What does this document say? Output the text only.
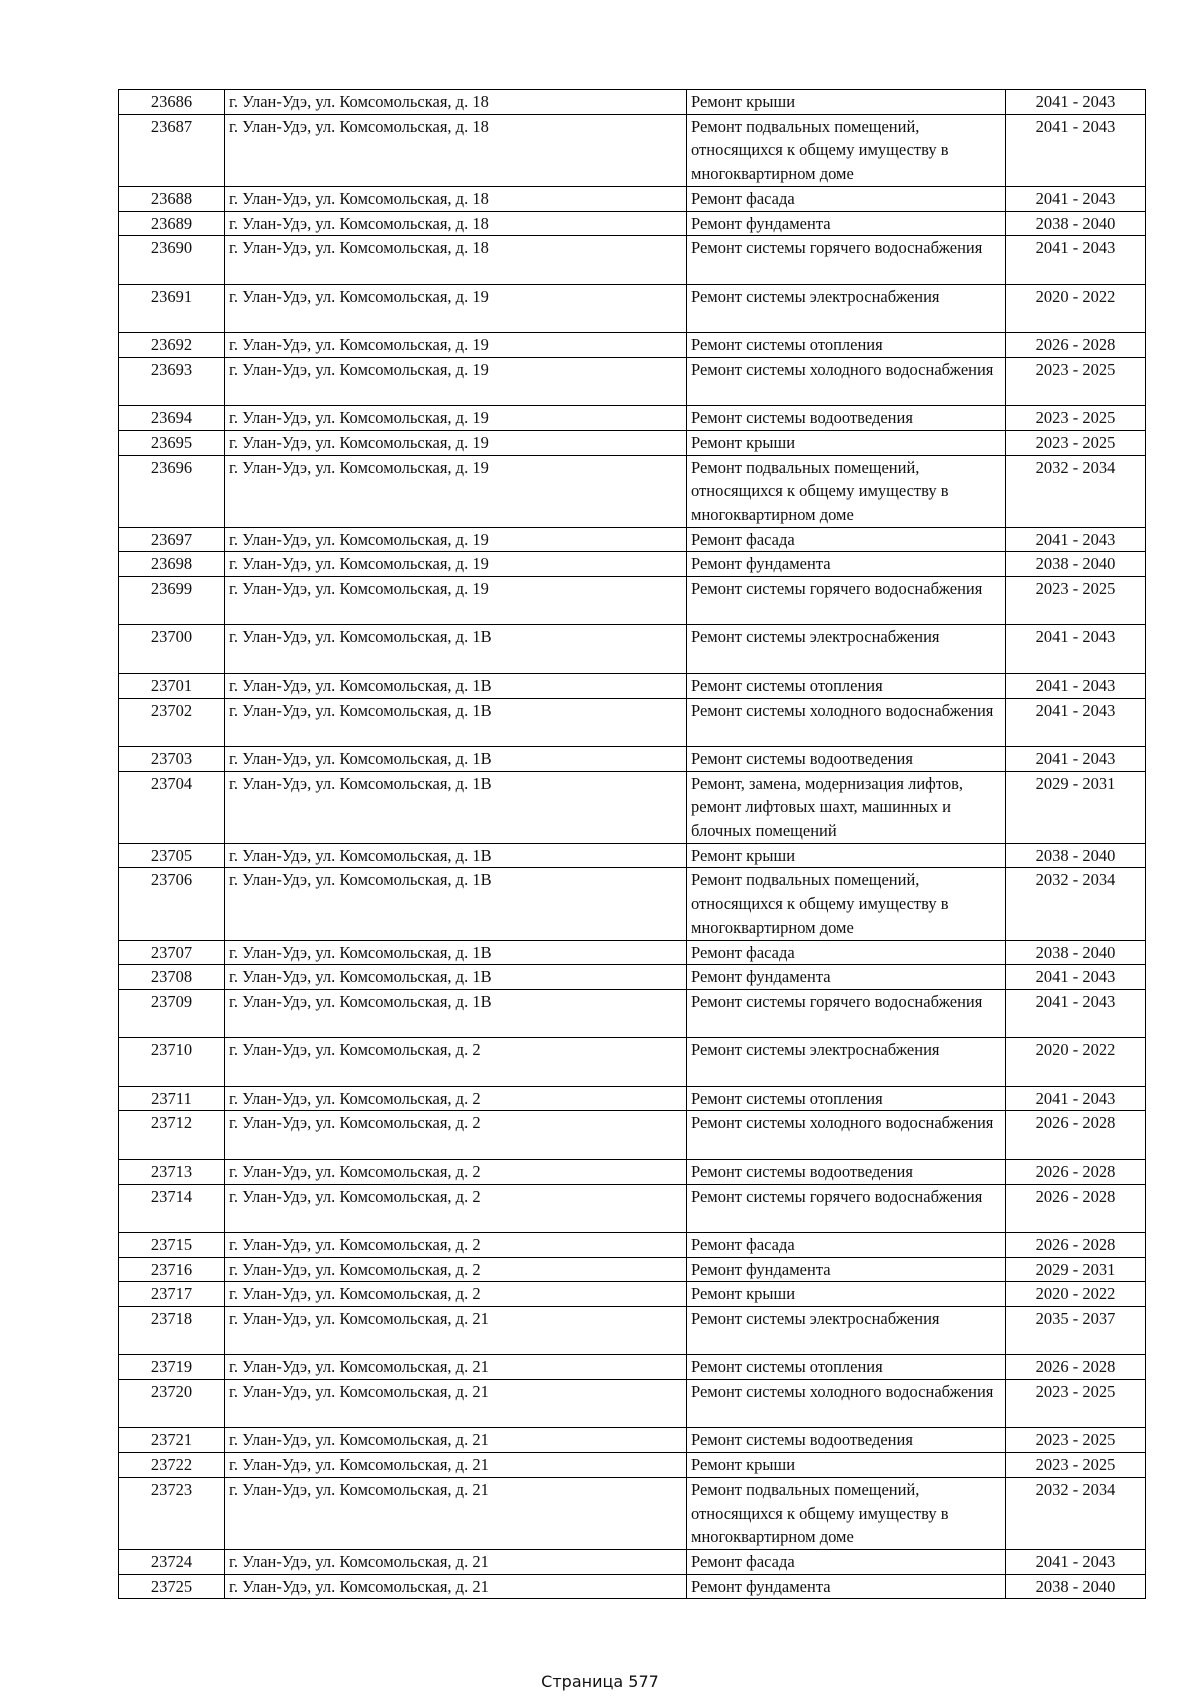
23686	г. Улан-Удэ, ул. Комсомольская, д. 18	Ремонт крыши	2041 - 2043
23687	г. Улан-Удэ, ул. Комсомольская, д. 18	Ремонт подвальных помещений, относящихся к общему имуществу в многоквартирном доме	2041 - 2043
23688	г. Улан-Удэ, ул. Комсомольская, д. 18	Ремонт фасада	2041 - 2043
23689	г. Улан-Удэ, ул. Комсомольская, д. 18	Ремонт фундамента	2038 - 2040
23690	г. Улан-Удэ, ул. Комсомольская, д. 18	Ремонт системы горячего водоснабжения	2041 - 2043
23691	г. Улан-Удэ, ул. Комсомольская, д. 19	Ремонт системы электроснабжения	2020 - 2022
23692	г. Улан-Удэ, ул. Комсомольская, д. 19	Ремонт системы отопления	2026 - 2028
23693	г. Улан-Удэ, ул. Комсомольская, д. 19	Ремонт системы холодного водоснабжения	2023 - 2025
23694	г. Улан-Удэ, ул. Комсомольская, д. 19	Ремонт системы водоотведения	2023 - 2025
23695	г. Улан-Удэ, ул. Комсомольская, д. 19	Ремонт крыши	2023 - 2025
23696	г. Улан-Удэ, ул. Комсомольская, д. 19	Ремонт подвальных помещений, относящихся к общему имуществу в многоквартирном доме	2032 - 2034
23697	г. Улан-Удэ, ул. Комсомольская, д. 19	Ремонт фасада	2041 - 2043
23698	г. Улан-Удэ, ул. Комсомольская, д. 19	Ремонт фундамента	2038 - 2040
23699	г. Улан-Удэ, ул. Комсомольская, д. 19	Ремонт системы горячего водоснабжения	2023 - 2025
23700	г. Улан-Удэ, ул. Комсомольская, д. 1В	Ремонт системы электроснабжения	2041 - 2043
23701	г. Улан-Удэ, ул. Комсомольская, д. 1В	Ремонт системы отопления	2041 - 2043
23702	г. Улан-Удэ, ул. Комсомольская, д. 1В	Ремонт системы холодного водоснабжения	2041 - 2043
23703	г. Улан-Удэ, ул. Комсомольская, д. 1В	Ремонт системы водоотведения	2041 - 2043
23704	г. Улан-Удэ, ул. Комсомольская, д. 1В	Ремонт, замена, модернизация лифтов, ремонт лифтовых шахт, машинных и блочных помещений	2029 - 2031
23705	г. Улан-Удэ, ул. Комсомольская, д. 1В	Ремонт крыши	2038 - 2040
23706	г. Улан-Удэ, ул. Комсомольская, д. 1В	Ремонт подвальных помещений, относящихся к общему имуществу в многоквартирном доме	2032 - 2034
23707	г. Улан-Удэ, ул. Комсомольская, д. 1В	Ремонт фасада	2038 - 2040
23708	г. Улан-Удэ, ул. Комсомольская, д. 1В	Ремонт фундамента	2041 - 2043
23709	г. Улан-Удэ, ул. Комсомольская, д. 1В	Ремонт системы горячего водоснабжения	2041 - 2043
23710	г. Улан-Удэ, ул. Комсомольская, д. 2	Ремонт системы электроснабжения	2020 - 2022
23711	г. Улан-Удэ, ул. Комсомольская, д. 2	Ремонт системы отопления	2041 - 2043
23712	г. Улан-Удэ, ул. Комсомольская, д. 2	Ремонт системы холодного водоснабжения	2026 - 2028
23713	г. Улан-Удэ, ул. Комсомольская, д. 2	Ремонт системы водоотведения	2026 - 2028
23714	г. Улан-Удэ, ул. Комсомольская, д. 2	Ремонт системы горячего водоснабжения	2026 - 2028
23715	г. Улан-Удэ, ул. Комсомольская, д. 2	Ремонт фасада	2026 - 2028
23716	г. Улан-Удэ, ул. Комсомольская, д. 2	Ремонт фундамента	2029 - 2031
23717	г. Улан-Удэ, ул. Комсомольская, д. 2	Ремонт крыши	2020 - 2022
23718	г. Улан-Удэ, ул. Комсомольская, д. 21	Ремонт системы электроснабжения	2035 - 2037
23719	г. Улан-Удэ, ул. Комсомольская, д. 21	Ремонт системы отопления	2026 - 2028
23720	г. Улан-Удэ, ул. Комсомольская, д. 21	Ремонт системы холодного водоснабжения	2023 - 2025
23721	г. Улан-Удэ, ул. Комсомольская, д. 21	Ремонт системы водоотведения	2023 - 2025
23722	г. Улан-Удэ, ул. Комсомольская, д. 21	Ремонт крыши	2023 - 2025
23723	г. Улан-Удэ, ул. Комсомольская, д. 21	Ремонт подвальных помещений, относящихся к общему имуществу в многоквартирном доме	2032 - 2034
23724	г. Улан-Удэ, ул. Комсомольская, д. 21	Ремонт фасада	2041 - 2043
23725	г. Улан-Удэ, ул. Комсомольская, д. 21	Ремонт фундамента	2038 - 2040
Страница 577
